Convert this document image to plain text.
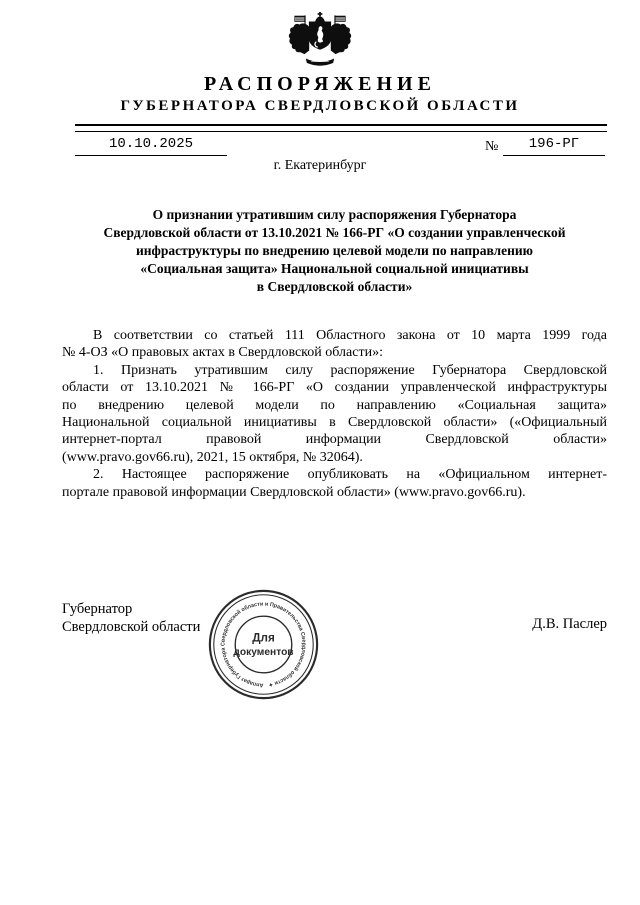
РАСПОРЯЖЕНИЕ
ГУБЕРНАТОРА СВЕРДЛОВСКОЙ ОБЛАСТИ
10.10.2025	№	196-РГ
г. Екатеринбург
О признании утратившим силу распоряжения Губернатора
Свердловской области от 13.10.2021 № 166-РГ «О создании управленческой
инфраструктуры по внедрению целевой модели по направлению
«Социальная защита» Национальной социальной инициативы
в Свердловской области»
В соответствии со статьей 111 Областного закона от 10 марта 1999 года
№ 4-ОЗ «О правовых актах в Свердловской области»:
1. Признать утратившим силу распоряжение Губернатора Свердловской
области от 13.10.2021 № 166-РГ «О создании управленческой инфраструктуры
по внедрению целевой модели по направлению «Социальная защита»
Национальной социальной инициативы в Свердловской области» («Официальный
интернет-портал правовой информации Свердловской области»
(www.pravo.gov66.ru), 2021, 15 октября, № 32064).
2. Настоящее распоряжение опубликовать на «Официальном интернет-
портале правовой информации Свердловской области» (www.pravo.gov66.ru).
Губернатор
Свердловской области	Д.В. Паслер
Аппарат Губернатора Свердловской области и Правительства Свердловской области ✦
Для
документов
